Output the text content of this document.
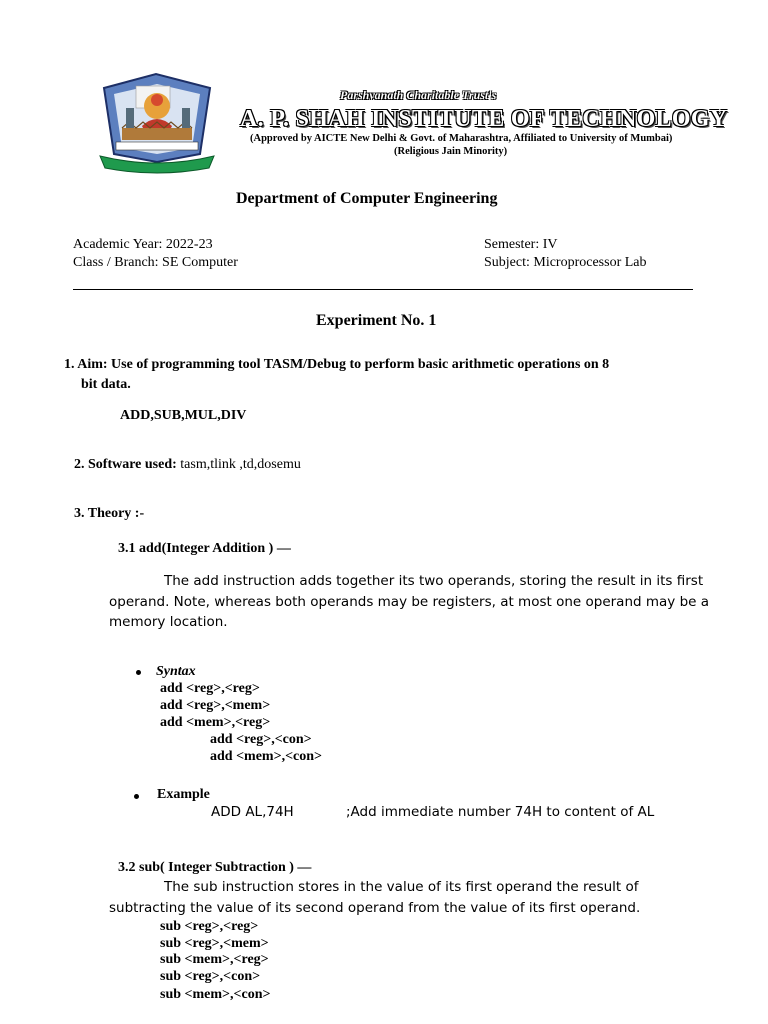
Parshvanath Charitable Trust's
A. P. SHAH INSTITUTE OF TECHNOLOGY
(Approved by AICTE New Delhi & Govt. of Maharashtra, Affiliated to University of Mumbai)
(Religious Jain Minority)
Department of Computer Engineering
Academic Year: 2022-23	Semester: IV
Class / Branch: SE Computer	Subject: Microprocessor Lab
Experiment No. 1
1. Aim: Use of programming tool TASM/Debug to perform basic arithmetic operations on 8
bit data.
ADD,SUB,MUL,DIV
2. Software used: tasm,tlink ,td,dosemu
3. Theory :-
3.1 add(Integer Addition ) —
The add instruction adds together its two operands, storing the result in its first
operand. Note, whereas both operands may be registers, at most one operand may be a
memory location.
Syntax
add <reg>,<reg>
add <reg>,<mem>
add <mem>,<reg>
add <reg>,<con>
add <mem>,<con>
Example
ADD AL,74H	;Add immediate number 74H to content of AL
3.2 sub( Integer Subtraction ) —
The sub instruction stores in the value of its first operand the result of
subtracting the value of its second operand from the value of its first operand.
sub <reg>,<reg>
sub <reg>,<mem>
sub <mem>,<reg>
sub <reg>,<con>
sub <mem>,<con>
